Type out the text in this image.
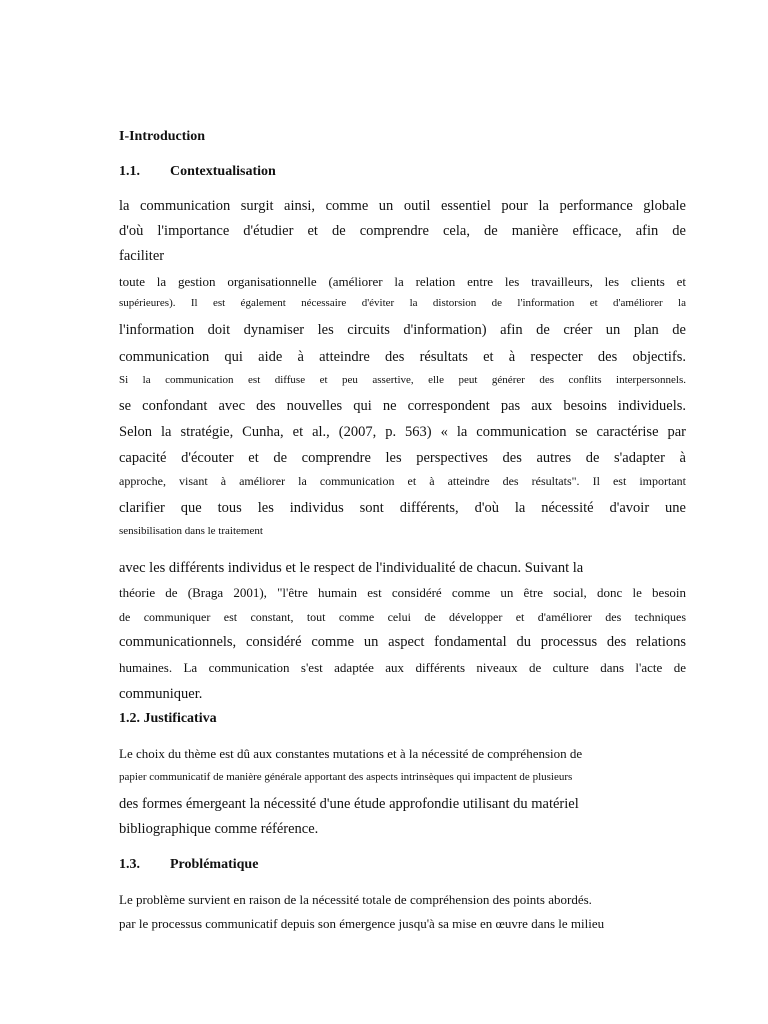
I-Introduction
1.1. Contextualisation
la communication surgit ainsi, comme un outil essentiel pour la performance globale
d'où l'importance d'étudier et de comprendre cela, de manière efficace, afin de
faciliter
toute la gestion organisationnelle (améliorer la relation entre les travailleurs, les clients et
supérieures). Il est également nécessaire d'éviter la distorsion de l'information et d'améliorer la
l'information doit dynamiser les circuits d'information) afin de créer un plan de
communication qui aide à atteindre des résultats et à respecter des objectifs.
Si la communication est diffuse et peu assertive, elle peut générer des conflits interpersonnels.
se confondant avec des nouvelles qui ne correspondent pas aux besoins individuels.
Selon la stratégie, Cunha, et al., (2007, p. 563) « la communication se caractérise par
capacité d'écouter et de comprendre les perspectives des autres de s'adapter à
approche, visant à améliorer la communication et à atteindre des résultats". Il est important
clarifier que tous les individus sont différents, d'où la nécessité d'avoir une
sensibilisation dans le traitement
avec les différents individus et le respect de l'individualité de chacun. Suivant la
théorie de (Braga 2001), "l'être humain est considéré comme un être social, donc le besoin
de communiquer est constant, tout comme celui de développer et d'améliorer des techniques
communicationnels, considéré comme un aspect fondamental du processus des relations
humaines. La communication s'est adaptée aux différents niveaux de culture dans l'acte de
communiquer.
1.2. Justificativa
Le choix du thème est dû aux constantes mutations et à la nécessité de compréhension de
papier communicatif de manière générale apportant des aspects intrinsèques qui impactent de plusieurs
des formes émergeant la nécessité d'une étude approfondie utilisant du matériel
bibliographique comme référence.
1.3. Problématique
Le problème survient en raison de la nécessité totale de compréhension des points abordés.
par le processus communicatif depuis son émergence jusqu'à sa mise en œuvre dans le milieu
